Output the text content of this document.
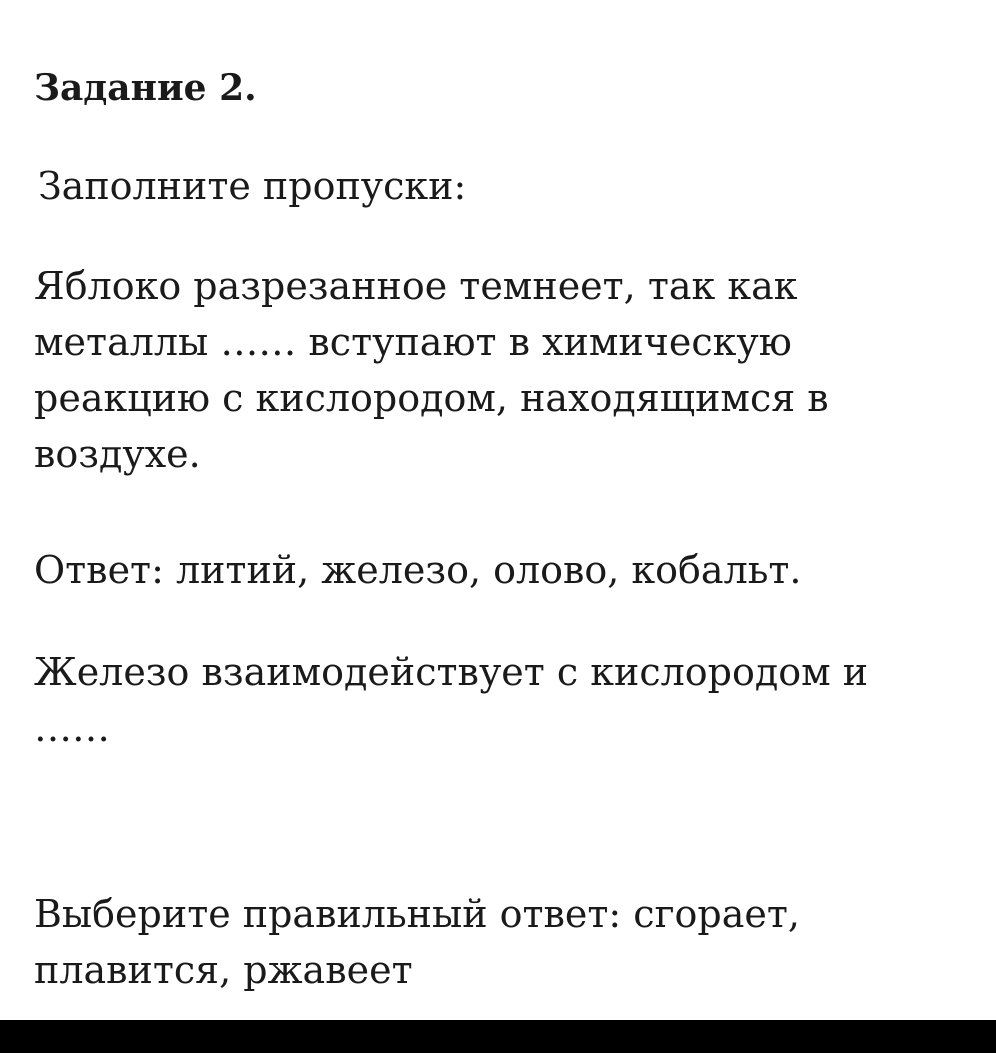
Задание 2.

Заполните пропуски:

Яблоко разрезанное темнеет, так как металлы …… вступают в химическую реакцию с кислородом, находящимся в воздухе.

Ответ: литий, железо, олово, кобальт.

Железо взаимодействует с кислородом и ……

Выберите правильный ответ: сгорает, плавится, ржавеет
